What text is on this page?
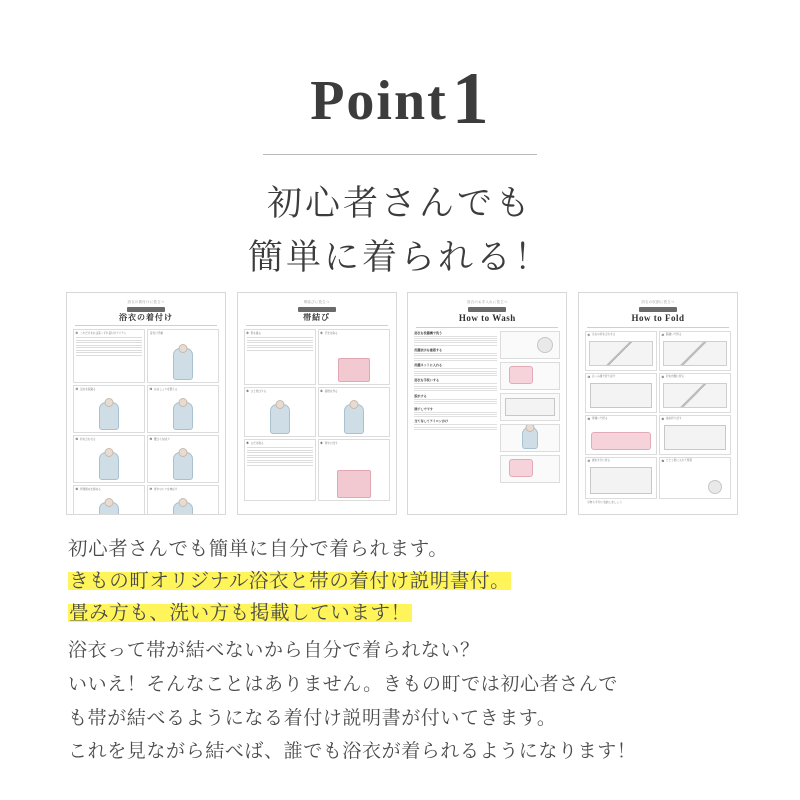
Point1
初心者さんでも
簡単に着られる！
浴衣の着付けに役立つ
浴衣の着付け
① これだけあれば着くずれ着付けアイテム	着付け手順
② 浴衣を羽織る	③ おはしょりを整える
④ 衿を合わせる	⑤ 腰ひもを結ぶ
⑥ 伊達締めを締める	⑦ 背中のシワを伸ばす
帯結びに役立つ
帯結び
① 帯を織る	② 手先を取る
③ ひと結びする	④ 羽根を作る
⑤ ひだを取る	⑥ 背中に回す
浴衣のお手入れに役立つ
How to Wash
浴衣を洗濯機で洗う
洗濯表示を確認する
洗濯ネットに入れる
浴衣を手洗いする
脱水する
陰干しで干す
当て布してアイロンがけ
浴衣の収納に役立つ
How to Fold
① 左右の衿を合わせる	② 脇縫いで折る
③ おくみ線で折り返す	④ 衿を内側に折る
⑤ 背縫いで折る	⑥ 袖を折り返す
⑦ 裾を半分に折る	⑧ たとう紙に入れて保管
小物も半分に収納しましょう
初心者さんでも簡単に自分で着られます。
きもの町オリジナル浴衣と帯の着付け説明書付。
畳み方も、洗い方も掲載しています！
浴衣って帯が結べないから自分で着られない？
いいえ！そんなことはありません。きもの町では初心者さんで
も帯が結べるようになる着付け説明書が付いてきます。
これを見ながら結べば、誰でも浴衣が着られるようになります！
